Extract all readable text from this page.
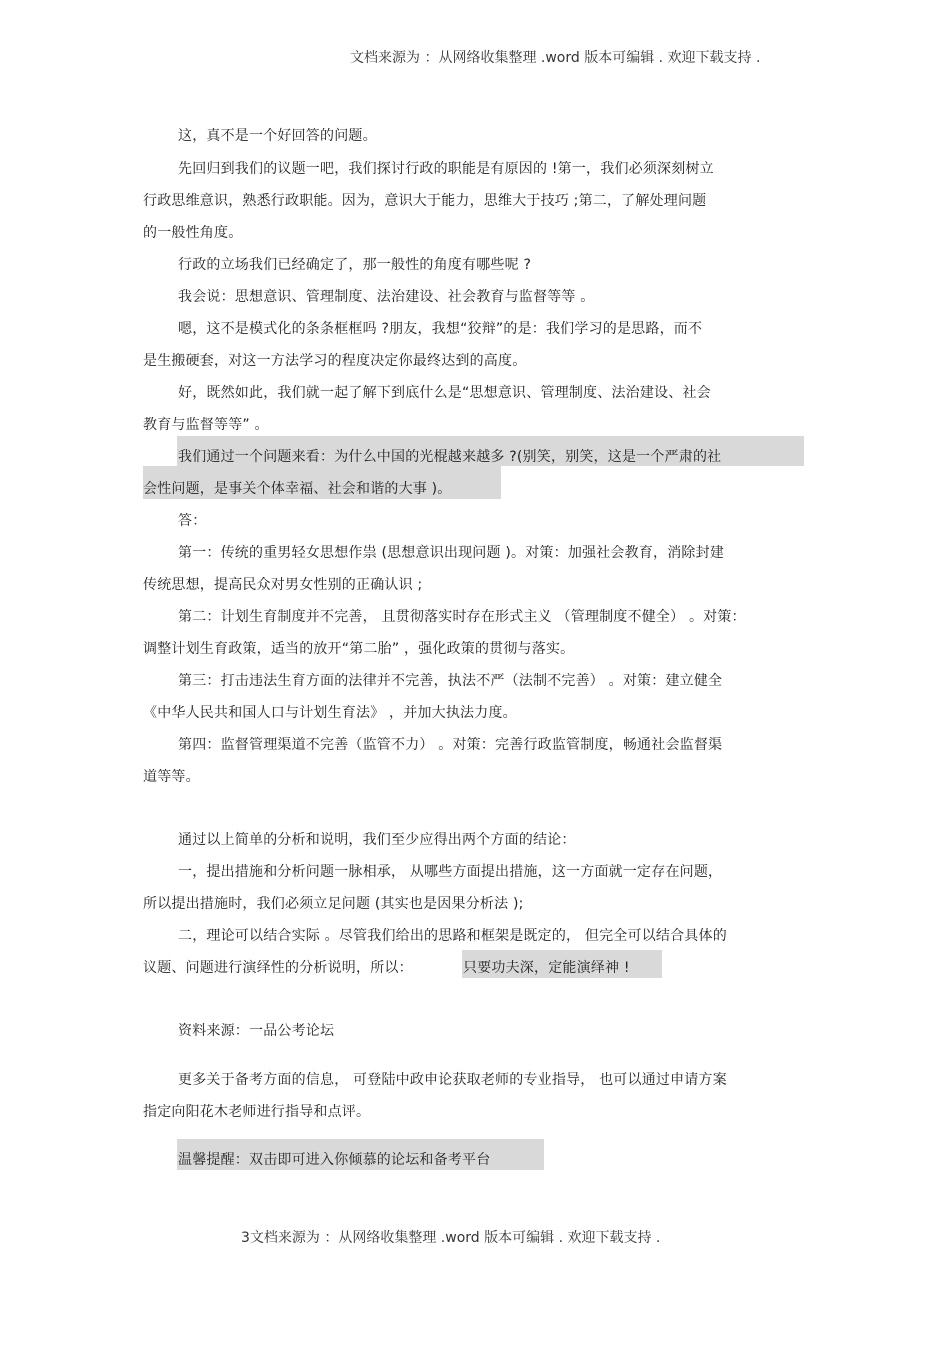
文档来源为 ：从网络收集整理 .word 版本可编辑 . 欢迎下载支持 .
这，真不是一个好回答的问题。
先回归到我们的议题一吧，我们探讨行政的职能是有原因的 !第一，我们必须深刻树立
行政思维意识，熟悉行政职能。因为，意识大于能力，思维大于技巧 ;第二，了解处理问题
的一般性角度。
行政的立场我们已经确定了，那一般性的角度有哪些呢 ?
我会说：思想意识、管理制度、法治建设、社会教育与监督等等 。
嗯，这不是模式化的条条框框吗 ?朋友，我想“狡辩”的是：我们学习的是思路，而不
是生搬硬套，对这一方法学习的程度决定你最终达到的高度。
好，既然如此，我们就一起了解下到底什么是“思想意识、管理制度、法治建设、社会
教育与监督等等” 。
我们通过一个问题来看：为什么中国的光棍越来越多 ?(别笑，别笑，这是一个严肃的社
会性问题，是事关个体幸福、社会和谐的大事 )。
答：
第一：传统的重男轻女思想作祟 (思想意识出现问题 )。对策：加强社会教育，消除封建
传统思想，提高民众对男女性别的正确认识 ;
第二：计划生育制度并不完善， 且贯彻落实时存在形式主义 （管理制度不健全） 。对策：
调整计划生育政策，适当的放开“第二胎” ，强化政策的贯彻与落实。
第三：打击违法生育方面的法律并不完善，执法不严（法制不完善） 。对策：建立健全
《中华人民共和国人口与计划生育法》 ，并加大执法力度。
第四：监督管理渠道不完善（监管不力） 。对策：完善行政监管制度，畅通社会监督渠
道等等。
通过以上简单的分析和说明，我们至少应得出两个方面的结论：
一，提出措施和分析问题一脉相承， 从哪些方面提出措施，这一方面就一定存在问题，
所以提出措施时，我们必须立足问题 (其实也是因果分析法 );
二，理论可以结合实际 。尽管我们给出的思路和框架是既定的， 但完全可以结合具体的
议题、问题进行演绎性的分析说明，所以：	只要功夫深，定能演绎神 !
资料来源：一品公考论坛
更多关于备考方面的信息， 可登陆中政申论获取老师的专业指导， 也可以通过申请方案
指定向阳花木老师进行指导和点评。
温馨提醒：双击即可进入你倾慕的论坛和备考平台
3文档来源为 ：从网络收集整理 .word 版本可编辑 . 欢迎下载支持 .
